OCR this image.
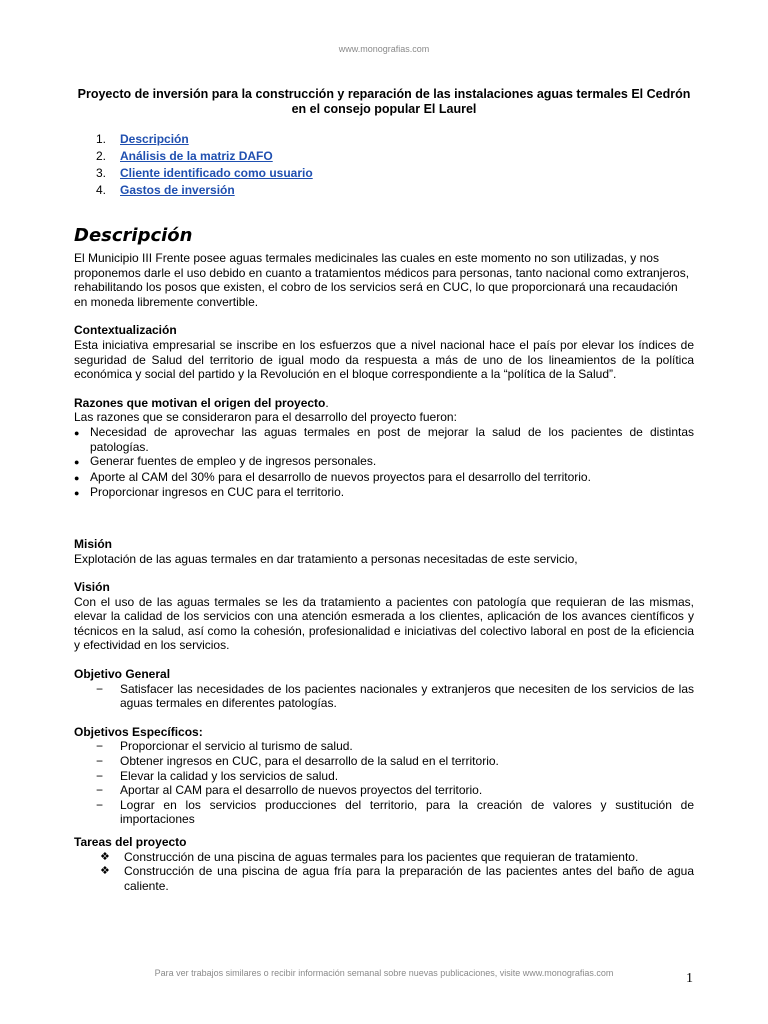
www.monografias.com
Proyecto de inversión para la construcción y reparación de las instalaciones aguas termales El Cedrón en el consejo popular El Laurel
1.	Descripción
2.	Análisis de la matriz DAFO
3.	Cliente identificado como usuario
4.	Gastos de inversión
Descripción

El Municipio III Frente posee aguas termales medicinales las cuales en este momento no son utilizadas, y nos proponemos darle el uso debido en cuanto a tratamientos médicos para personas, tanto nacional como extranjeros, rehabilitando los posos que existen, el cobro de los servicios será en CUC, lo que proporcionará una recaudación en moneda libremente convertible.

Contextualización

Esta iniciativa empresarial se inscribe en los esfuerzos que a nivel nacional hace el país por elevar los índices de seguridad de Salud del territorio de igual modo da respuesta a más de uno de los lineamientos de la política económica y social del partido y la Revolución en el bloque correspondiente a la “política de la Salud”.

Razones que motivan el origen del proyecto.

Las razones que se consideraron para el desarrollo del proyecto fueron:

● Necesidad de aprovechar las aguas termales en post de mejorar la salud de los pacientes de distintas patologías.
● Generar fuentes de empleo y de ingresos personales.
● Aporte al CAM del 30% para el desarrollo de nuevos proyectos para el desarrollo del territorio.
● Proporcionar ingresos en CUC para el territorio.
Misión

Explotación de las aguas termales en dar tratamiento a personas necesitadas de este servicio,

Visión

Con el uso de las aguas termales se les da tratamiento a pacientes con patología que requieran de las mismas, elevar la calidad de los servicios con una atención esmerada a los clientes, aplicación de los avances científicos y técnicos en la salud, así como la cohesión, profesionalidad e iniciativas del colectivo laboral en post de la eficiencia y efectividad en los servicios.

Objetivo General
−	Satisfacer las necesidades de los pacientes nacionales y extranjeros que necesiten de los servicios de las aguas termales en diferentes patologías.
Objetivos Específicos:
−	Proporcionar el servicio al turismo de salud.
−	Obtener ingresos en CUC, para el desarrollo de la salud en el territorio.
−	Elevar la calidad y los servicios de salud.
−	Aportar al CAM para el desarrollo de nuevos proyectos del territorio.
−	Lograr en los servicios producciones del territorio, para la creación de valores y sustitución de importaciones
Tareas del proyecto
❖	Construcción de una piscina de aguas termales para los pacientes que requieran de tratamiento.
❖	Construcción de una piscina de agua fría para la preparación de las pacientes antes del baño de agua caliente.
Para ver trabajos similares o recibir información semanal sobre nuevas publicaciones, visite www.monografias.com	1
